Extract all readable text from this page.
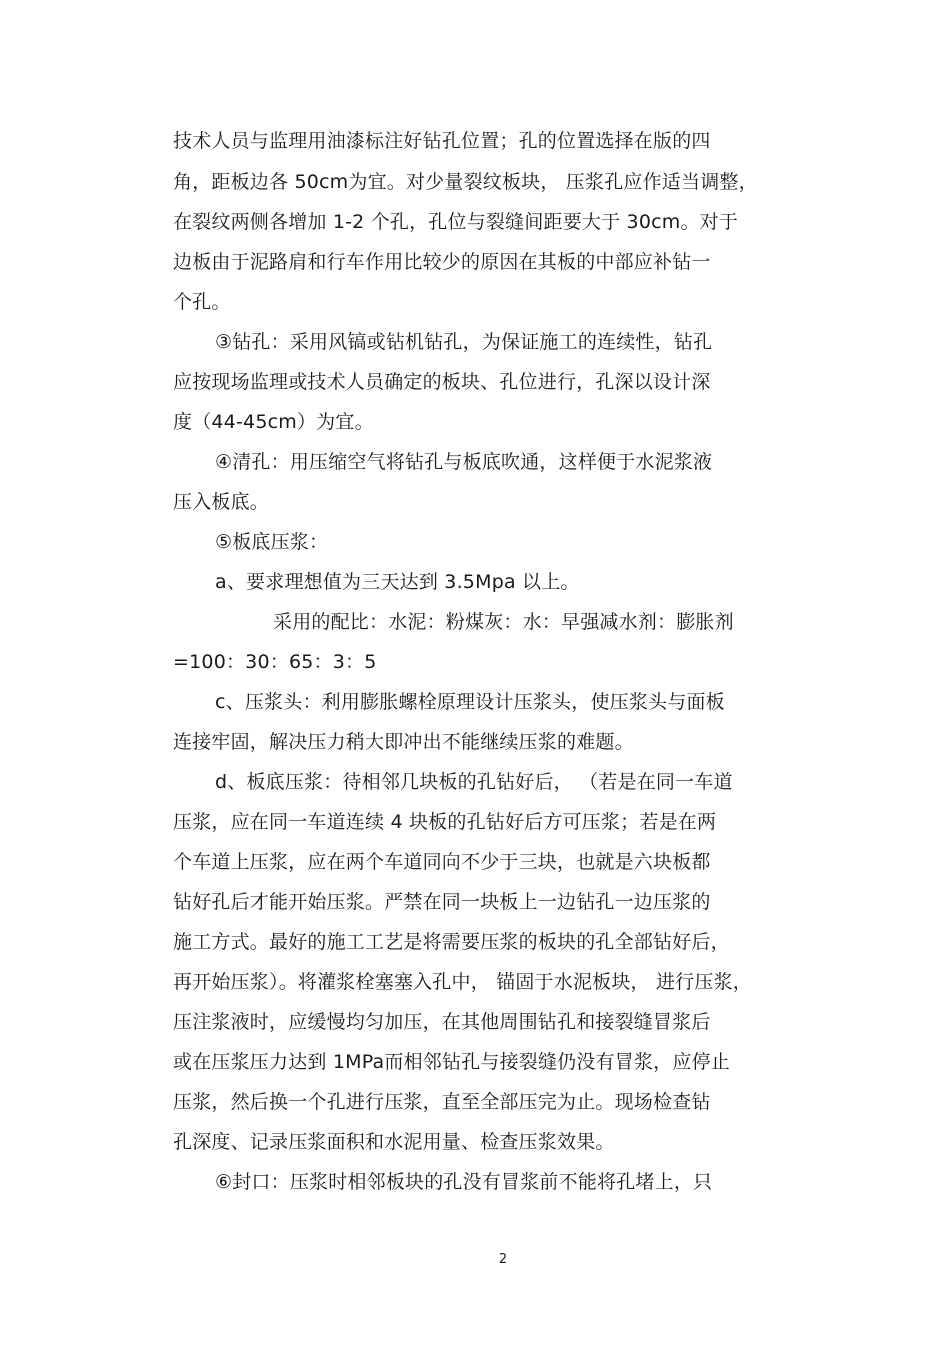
技术人员与监理用油漆标注好钻孔位置；孔的位置选择在版的四
角，距板边各 50cm为宜。对少量裂纹板块， 压浆孔应作适当调整，
在裂纹两侧各增加 1-2 个孔，孔位与裂缝间距要大于 30cm。对于
边板由于泥路肩和行车作用比较少的原因在其板的中部应补钻一
个孔。
③钻孔：采用风镐或钻机钻孔，为保证施工的连续性，钻孔
应按现场监理或技术人员确定的板块、孔位进行，孔深以设计深
度（44-45cm）为宜。
④清孔：用压缩空气将钻孔与板底吹通，这样便于水泥浆液
压入板底。
⑤板底压浆：
a、要求理想值为三天达到 3.5Mpa 以上。
采用的配比：水泥：粉煤灰：水：早强减水剂：膨胀剂
=100：30：65：3：5
c、压浆头：利用膨胀螺栓原理设计压浆头，使压浆头与面板
连接牢固，解决压力稍大即冲出不能继续压浆的难题。
d、板底压浆：待相邻几块板的孔钻好后， （若是在同一车道
压浆，应在同一车道连续 4 块板的孔钻好后方可压浆；若是在两
个车道上压浆，应在两个车道同向不少于三块，也就是六块板都
钻好孔后才能开始压浆。严禁在同一块板上一边钻孔一边压浆的
施工方式。最好的施工工艺是将需要压浆的板块的孔全部钻好后，
再开始压浆）。将灌浆栓塞塞入孔中， 锚固于水泥板块， 进行压浆，
压注浆液时，应缓慢均匀加压，在其他周围钻孔和接裂缝冒浆后
或在压浆压力达到 1MPa而相邻钻孔与接裂缝仍没有冒浆，应停止
压浆，然后换一个孔进行压浆，直至全部压完为止。现场检查钻
孔深度、记录压浆面积和水泥用量、检查压浆效果。
⑥封口：压浆时相邻板块的孔没有冒浆前不能将孔堵上，只
2
